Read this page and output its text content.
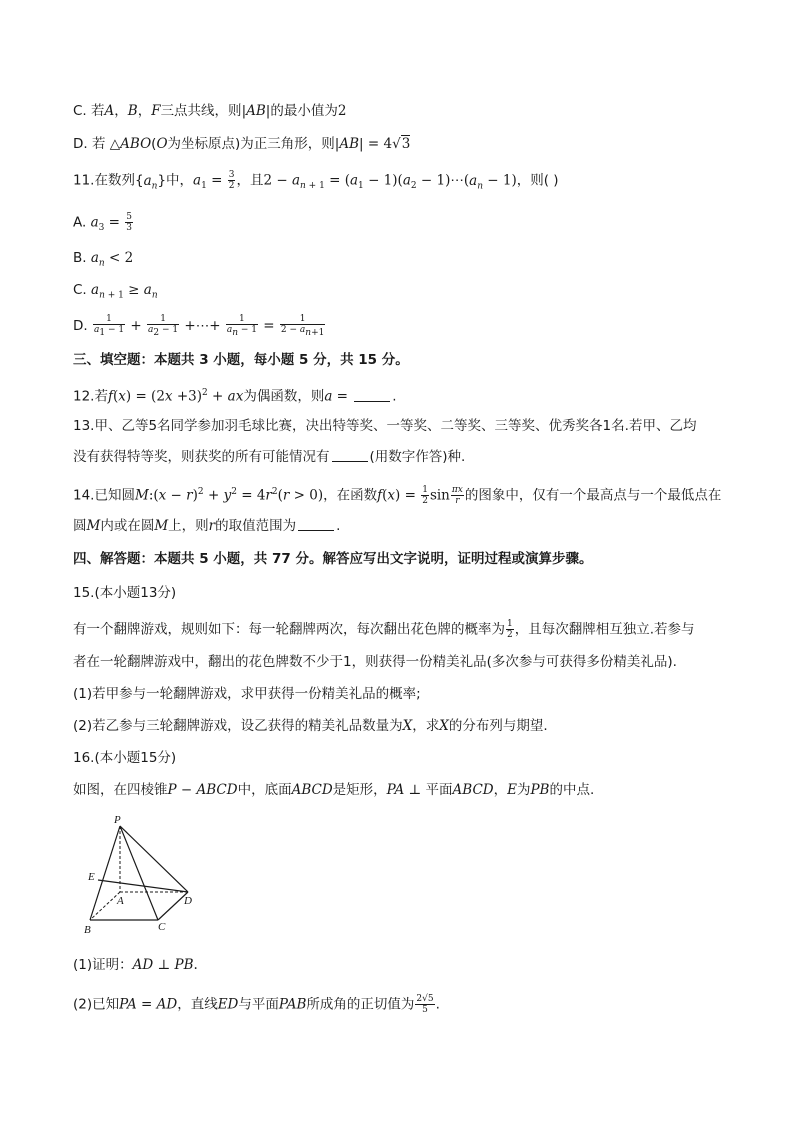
C. 若A，B，F三点共线，则|AB|的最小值为2
D. 若 △ABO(O为坐标原点)为正三角形，则|AB| = 4√3
11.在数列$\{a_n\}$中，$a_1 = \frac{3}{2}$ ，且$2 - a_n$ $_{+ 1} = (a_1 - 1)(a_2$ − $1)\cdots(a_n - 1)$，则( )
A. $a_3 = \frac{5}{3}$
B. $a_n < 2$
C. $a_n$ $_{+ 1} \ge a_n$
D. $\frac{1}{a_1 - 1} + \frac{1}{a_2 - 1}$ +⋯+ $\frac{1}{a_n - 1} = \frac{1}{2 - a_{n+1}}$
三、填空题：本题共 3 小题，每小题 5 分，共 15 分。
12.若$f(x) = (2x +3)^2$ + ax为偶函数，则a =	.
13.甲、乙等5名同学参加羽毛球比赛，决出特等奖、一等奖、二等奖、三等奖、优秀奖各1名.若甲、乙均
没有获得特等奖，则获奖的所有可能情况有	(用数字作答)种.
14.已知圆M:(x − $r)^2 + y^2 = 4r^2(r > 0)$，在函数$f(x) = \frac{1}{2}$ $\sin \frac{\pi x}{r}$ 的图象中，仅有一个最高点与一个最低点在
圆M内或在圆M上，则r的取值范围为	.
四、解答题：本题共 5 小题，共 77 分。解答应写出文字说明，证明过程或演算步骤。
15.(本小题13分)
有一个翻牌游戏，规则如下：每一轮翻牌两次，每次翻出花色牌的概率为 $\frac{1}{2}$ ，且每次翻牌相互独立.若参与
者在一轮翻牌游戏中，翻出的花色牌数不少于1，则获得一份精美礼品(多次参与可获得多份精美礼品).
(1)若甲参与一轮翻牌游戏，求甲获得一份精美礼品的概率;
(2)若乙参与三轮翻牌游戏，设乙获得的精美礼品数量为X，求X的分布列与期望.
16.(本小题15分)
如图，在四棱锥P − ABCD中，底面ABCD是矩形，PA ⊥ 平面ABCD，E为PB的中点.
P
E
A	D
B	C
(1)证明：AD ⊥ PB.
(2)已知PA = AD，直线ED与平面PAB所成角的正切值为 $\frac{2√5}{5}$ .
